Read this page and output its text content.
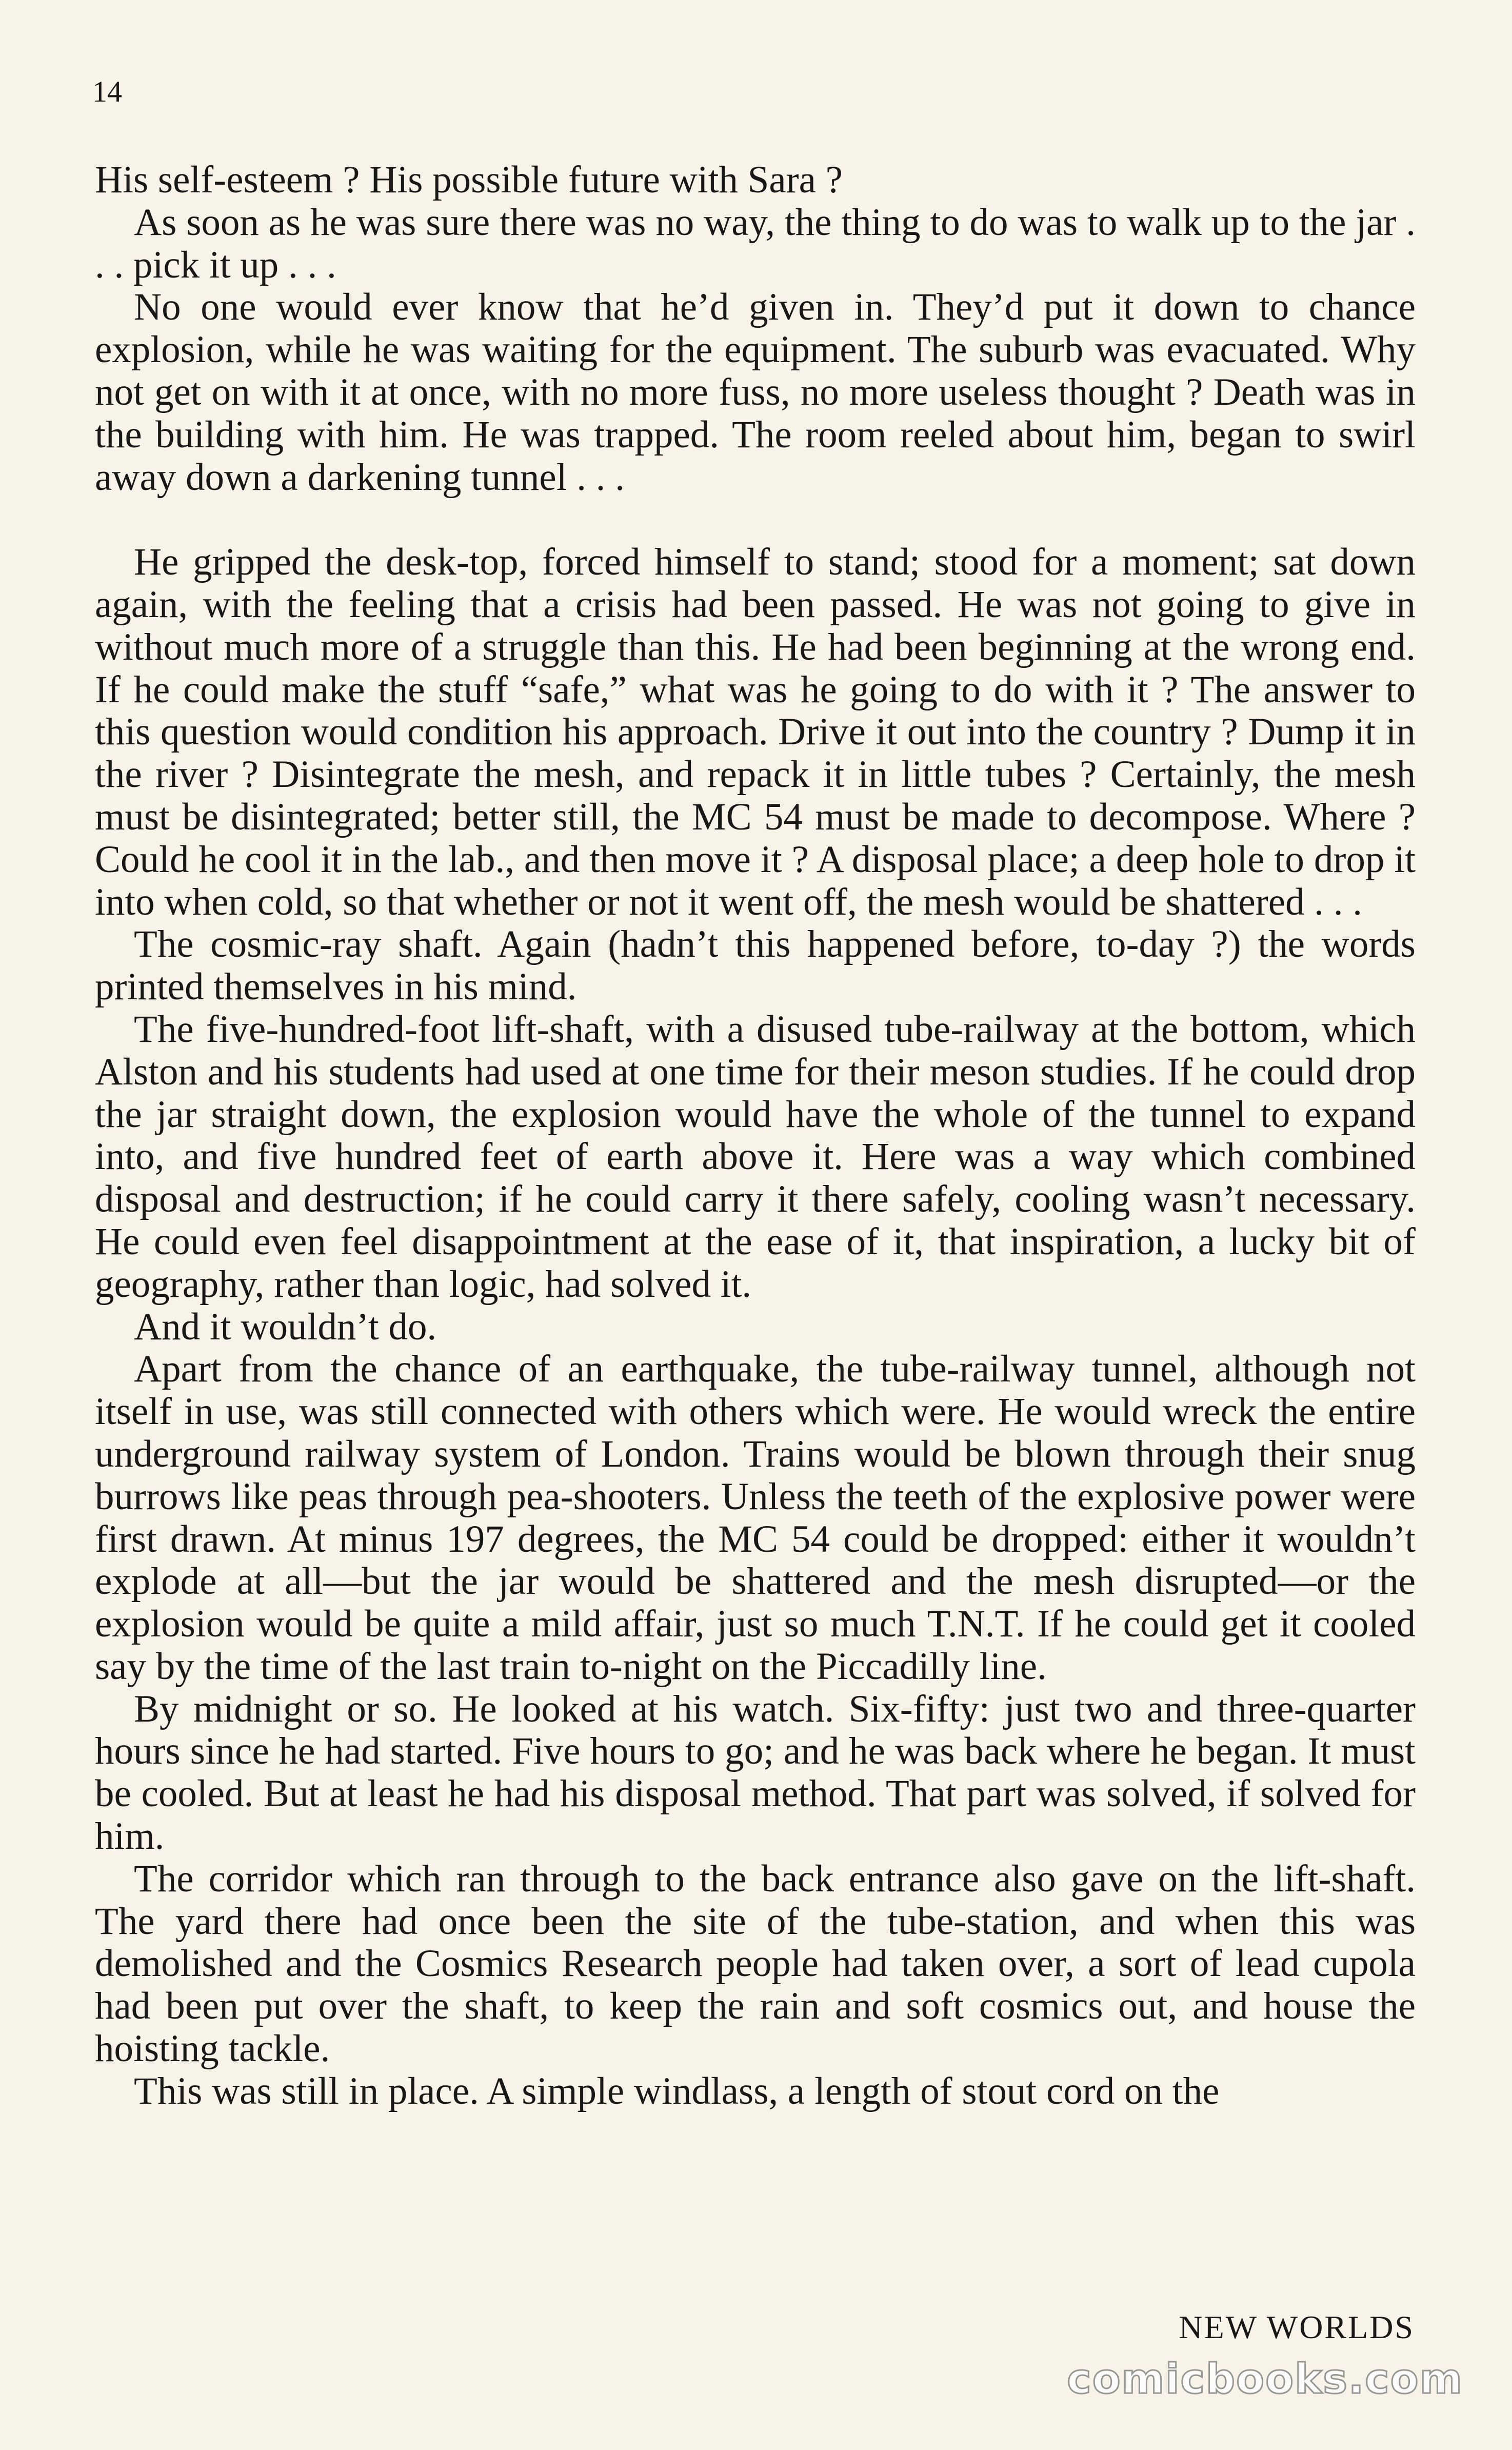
14

His self-esteem ? His possible future with Sara ?

As soon as he was sure there was no way, the thing to do was to walk up to the jar . . . pick it up . . .

No one would ever know that he’d given in. They’d put it down to chance explosion, while he was waiting for the equipment. The suburb was evacuated. Why not get on with it at once, with no more fuss, no more useless thought ? Death was in the building with him. He was trapped. The room reeled about him, began to swirl away down a darkening tunnel . . .

He gripped the desk-top, forced himself to stand; stood for a moment; sat down again, with the feeling that a crisis had been passed. He was not going to give in without much more of a struggle than this. He had been beginning at the wrong end. If he could make the stuff “safe,” what was he going to do with it ? The answer to this question would condition his approach. Drive it out into the country ? Dump it in the river ? Disintegrate the mesh, and repack it in little tubes ? Certainly, the mesh must be disintegrated; better still, the MC 54 must be made to decompose. Where ? Could he cool it in the lab., and then move it ? A disposal place; a deep hole to drop it into when cold, so that whether or not it went off, the mesh would be shattered . . .

The cosmic-ray shaft. Again (hadn’t this happened before, to-day ?) the words printed themselves in his mind.

The five-hundred-foot lift-shaft, with a disused tube-railway at the bottom, which Alston and his students had used at one time for their meson studies. If he could drop the jar straight down, the explosion would have the whole of the tunnel to expand into, and five hundred feet of earth above it. Here was a way which combined disposal and destruction; if he could carry it there safely, cooling wasn’t necessary. He could even feel disappointment at the ease of it, that inspiration, a lucky bit of geography, rather than logic, had solved it.

And it wouldn’t do.

Apart from the chance of an earthquake, the tube-railway tunnel, although not itself in use, was still connected with others which were. He would wreck the entire underground railway system of London. Trains would be blown through their snug burrows like peas through pea-shooters. Unless the teeth of the explosive power were first drawn. At minus 197 degrees, the MC 54 could be dropped: either it wouldn’t explode at all—but the jar would be shattered and the mesh disrupted—or the explosion would be quite a mild affair, just so much T.N.T. If he could get it cooled say by the time of the last train to-night on the Piccadilly line.

By midnight or so. He looked at his watch. Six-fifty: just two and three-quarter hours since he had started. Five hours to go; and he was back where he began. It must be cooled. But at least he had his disposal method. That part was solved, if solved for him.

The corridor which ran through to the back entrance also gave on the lift-shaft. The yard there had once been the site of the tube-station, and when this was demolished and the Cosmics Research people had taken over, a sort of lead cupola had been put over the shaft, to keep the rain and soft cosmics out, and house the hoisting tackle.

This was still in place. A simple windlass, a length of stout cord on the

NEW WORLDS
comicbooks.com
